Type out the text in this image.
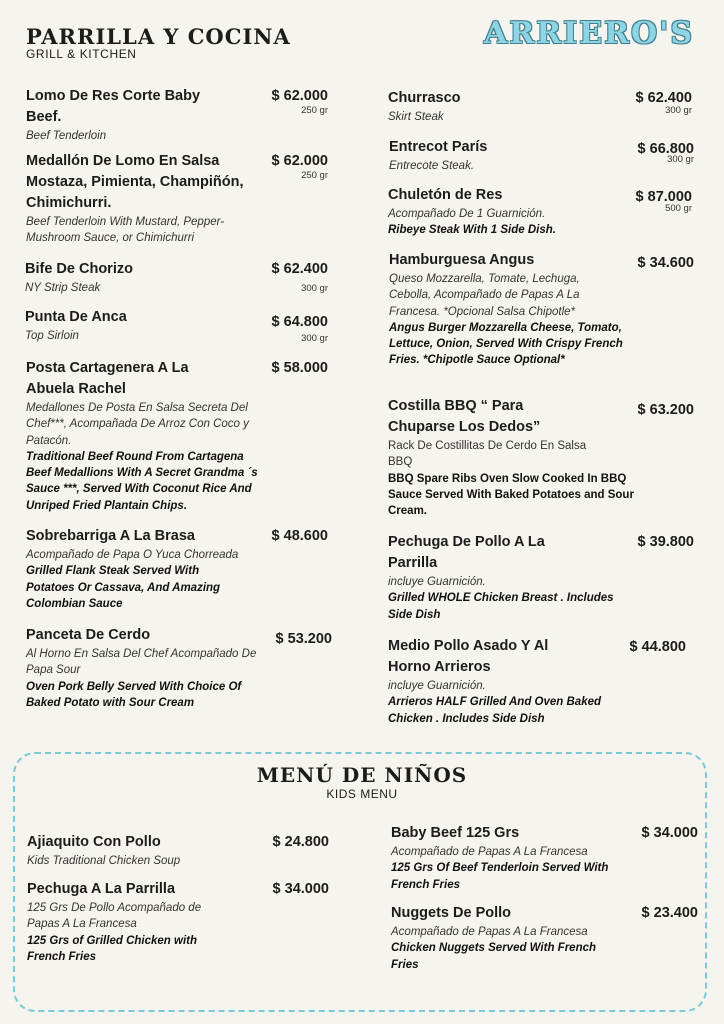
PARRILLA Y COCINA
GRILL & KITCHEN
ARRIERO'S
Lomo De Res Corte Baby Beef.
$ 62.000
250 gr
Beef Tenderloin
Medallón De Lomo En Salsa Mostaza, Pimienta, Champiñón, Chimichurri.
$ 62.000
250 gr
Beef Tenderloin With Mustard, Pepper-Mushroom Sauce, or Chimichurri
Bife De Chorizo	$ 62.400
300 gr
NY Strip Steak
Punta De Anca	$ 64.800
300 gr
Top Sirloin
Posta Cartagenera A La Abuela Rachel
$ 58.000
Medallones De Posta En Salsa Secreta Del Chef***, Acompañada De Arroz Con Coco y Patacón.
Traditional Beef Round From Cartagena Beef Medallions With A Secret Grandma ´s Sauce ***, Served With Coconut Rice And Unriped Fried Plantain Chips.
Sobrebarriga A La Brasa	$ 48.600
Acompañado de Papa O Yuca Chorreada
Grilled Flank Steak Served With Potatoes Or Cassava, And Amazing Colombian Sauce
Panceta De Cerdo	$ 53.200
Al Horno En Salsa Del Chef Acompañado De Papa Sour
Oven Pork Belly Served With Choice Of Baked Potato with Sour Cream
Churrasco	$ 62.400
300 gr
Skirt Steak
Entrecot París	$ 66.800
300 gr
Entrecote Steak.
Chuletón de Res	$ 87.000
500 gr
Acompañado De 1 Guarnición.
Ribeye Steak With 1 Side Dish.
Hamburguesa Angus	$ 34.600
Queso Mozzarella, Tomate, Lechuga, Cebolla, Acompañado de Papas A La Francesa. *Opcional Salsa Chipotle*
Angus Burger Mozzarella Cheese, Tomato, Lettuce, Onion, Served With Crispy French Fries. *Chipotle Sauce Optional*
Costilla BBQ “ Para Chuparse Los Dedos”
$ 63.200
Rack De Costillitas De Cerdo En Salsa BBQ
BBQ Spare Ribs Oven Slow Cooked In BBQ Sauce Served With Baked Potatoes and Sour Cream.
Pechuga De Pollo A La Parrilla
$ 39.800
incluye Guarnición.
Grilled WHOLE Chicken Breast . Includes Side Dish
Medio Pollo Asado Y Al Horno Arrieros
$ 44.800
incluye Guarnición.
Arrieros HALF Grilled And Oven Baked Chicken . Includes Side Dish
MENÚ DE NIÑOS
KIDS MENU
Ajiaquito Con Pollo	$ 24.800
Kids Traditional Chicken Soup
Pechuga A La Parrilla	$ 34.000
125 Grs De Pollo Acompañado de Papas A La Francesa
125 Grs of Grilled Chicken with French Fries
Baby Beef 125 Grs	$ 34.000
Acompañado de Papas A La Francesa
125 Grs Of Beef Tenderloin Served With French Fries
Nuggets De Pollo	$ 23.400
Acompañado de Papas A La Francesa
Chicken Nuggets Served With French Fries
